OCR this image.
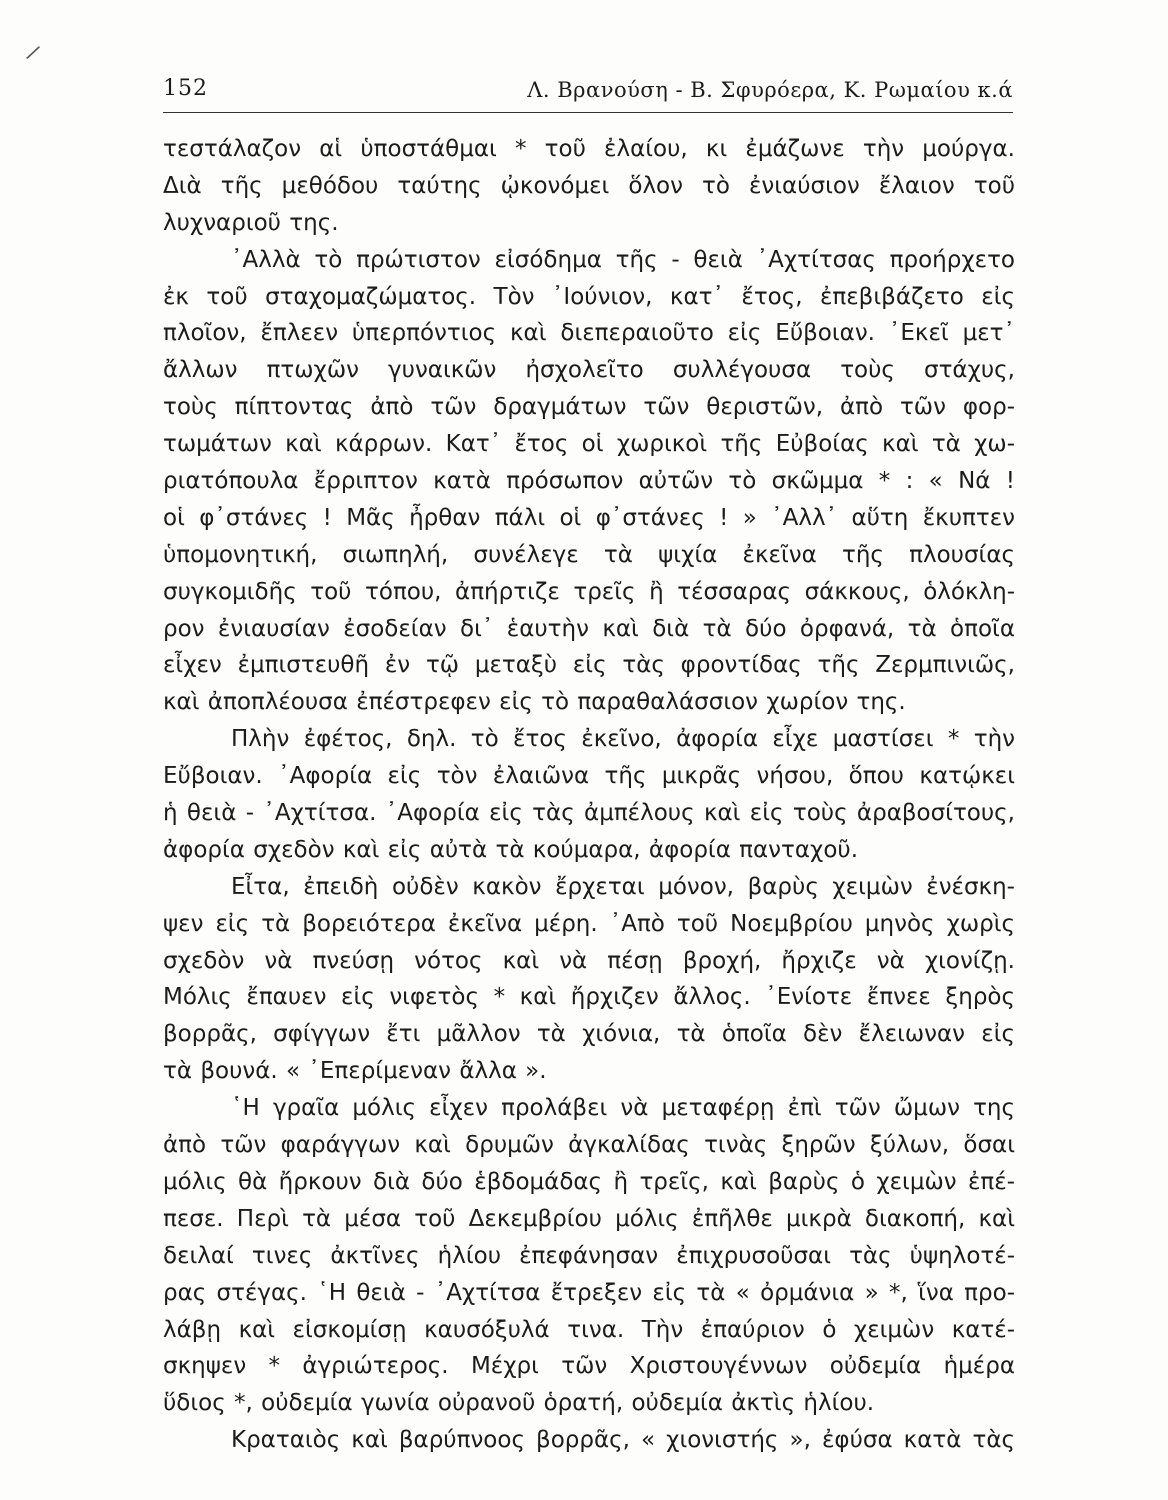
/
152	Λ. Βρανούση - Β. Σφυρόερα, Κ. Ρωμαίου κ.ά
τεστάλαζον αἱ ὑποστάθμαι * τοῦ ἐλαίου, κι ἐμάζωνε τὴν μούργα.
Διὰ τῆς μεθόδου ταύτης ᾠκονόμει ὅλον τὸ ἐνιαύσιον ἔλαιον τοῦ
λυχναριοῦ της.
᾿Αλλὰ τὸ πρώτιστον εἰσόδημα τῆς - θειὰ ᾿Αχτίτσας προήρχετο
ἐκ τοῦ σταχομαζώματος. Τὸν ᾿Ιούνιον, κατ᾿ ἔτος, ἐπεβιβάζετο εἰς
πλοῖον, ἔπλεεν ὑπερπόντιος καὶ διεπεραιοῦτο εἰς Εὔβοιαν. ᾿Εκεῖ μετ᾿
ἄλλων πτωχῶν γυναικῶν ἠσχολεῖτο συλλέγουσα τοὺς στάχυς,
τοὺς πίπτοντας ἀπὸ τῶν δραγμάτων τῶν θεριστῶν, ἀπὸ τῶν φορ-
τωμάτων καὶ κάρρων. Κατ᾿ ἔτος οἱ χωρικοὶ τῆς Εὐβοίας καὶ τὰ χω-
ριατόπουλα ἔρριπτον κατὰ πρόσωπον αὐτῶν τὸ σκῶμμα * : « Νά !
οἱ φ᾿στάνες ! Μᾶς ἦρθαν πάλι οἱ φ᾿στάνες ! » ᾿Αλλ᾿ αὕτη ἔκυπτεν
ὑπομονητική, σιωπηλή, συνέλεγε τὰ ψιχία ἐκεῖνα τῆς πλουσίας
συγκομιδῆς τοῦ τόπου, ἀπήρτιζε τρεῖς ἢ τέσσαρας σάκκους, ὁλόκλη-
ρον ἐνιαυσίαν ἐσοδείαν δι᾿ ἑαυτὴν καὶ διὰ τὰ δύο ὀρφανά, τὰ ὁποῖα
εἶχεν ἐμπιστευθῆ ἐν τῷ μεταξὺ εἰς τὰς φροντίδας τῆς Ζερμπινιῶς,
καὶ ἀποπλέουσα ἐπέστρεφεν εἰς τὸ παραθαλάσσιον χωρίον της.
Πλὴν ἐφέτος, δηλ. τὸ ἔτος ἐκεῖνο, ἀφορία εἶχε μαστίσει * τὴν
Εὔβοιαν. ᾿Αφορία εἰς τὸν ἐλαιῶνα τῆς μικρᾶς νήσου, ὅπου κατῴκει
ἡ θειὰ - ᾿Αχτίτσα. ᾿Αφορία εἰς τὰς ἀμπέλους καὶ εἰς τοὺς ἀραβοσίτους,
ἀφορία σχεδὸν καὶ εἰς αὐτὰ τὰ κούμαρα, ἀφορία πανταχοῦ.
Εἶτα, ἐπειδὴ οὐδὲν κακὸν ἔρχεται μόνον, βαρὺς χειμὼν ἐνέσκη-
ψεν εἰς τὰ βορειότερα ἐκεῖνα μέρη. ᾿Απὸ τοῦ Νοεμβρίου μηνὸς χωρὶς
σχεδὸν νὰ πνεύσῃ νότος καὶ νὰ πέσῃ βροχή, ἤρχιζε νὰ χιονίζῃ.
Μόλις ἔπαυεν εἰς νιφετὸς * καὶ ἤρχιζεν ἄλλος. ᾿Ενίοτε ἔπνεε ξηρὸς
βορρᾶς, σφίγγων ἔτι μᾶλλον τὰ χιόνια, τὰ ὁποῖα δὲν ἔλειωναν εἰς
τὰ βουνά. « ᾿Επερίμεναν ἄλλα ».
῾Η γραῖα μόλις εἶχεν προλάβει νὰ μεταφέρῃ ἐπὶ τῶν ὤμων της
ἀπὸ τῶν φαράγγων καὶ δρυμῶν ἀγκαλίδας τινὰς ξηρῶν ξύλων, ὅσαι
μόλις θὰ ἤρκουν διὰ δύο ἑβδομάδας ἢ τρεῖς, καὶ βαρὺς ὁ χειμὼν ἐπέ-
πεσε. Περὶ τὰ μέσα τοῦ Δεκεμβρίου μόλις ἐπῆλθε μικρὰ διακοπή, καὶ
δειλαί τινες ἀκτῖνες ἡλίου ἐπεφάνησαν ἐπιχρυσοῦσαι τὰς ὑψηλοτέ-
ρας στέγας. ῾Η θειὰ - ᾿Αχτίτσα ἔτρεξεν εἰς τὰ « ὀρμάνια » *, ἵνα προ-
λάβῃ καὶ εἰσκομίσῃ καυσόξυλά τινα. Τὴν ἐπαύριον ὁ χειμὼν κατέ-
σκηψεν * ἀγριώτερος. Μέχρι τῶν Χριστουγέννων οὐδεμία ἡμέρα
ὕδιος *, οὐδεμία γωνία οὐρανοῦ ὁρατή, οὐδεμία ἀκτὶς ἡλίου.
Κραταιὸς καὶ βαρύπνοος βορρᾶς, « χιονιστής », ἐφύσα κατὰ τὰς
